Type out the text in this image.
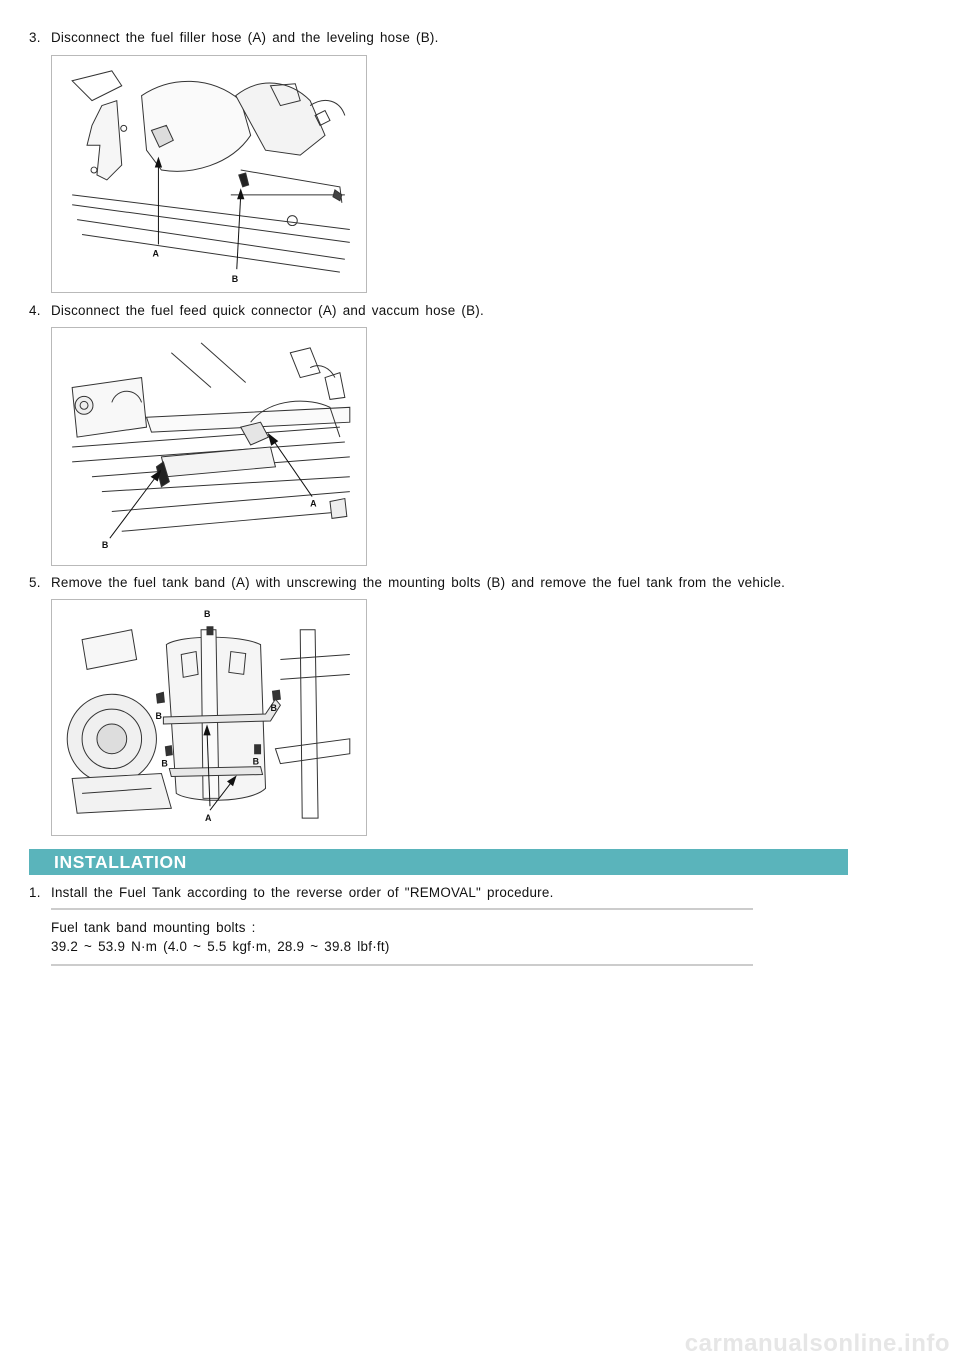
3. Disconnect the fuel filler hose (A) and the leveling hose (B).
A
B
4. Disconnect the fuel feed quick connector (A) and vaccum hose (B).
A
B
5. Remove the fuel tank band (A) with unscrewing the mounting bolts (B) and remove the fuel tank from the vehicle.
B
B
B
B	B
A
INSTALLATION
1. Install the Fuel Tank according to the reverse order of "REMOVAL" procedure.
Fuel tank band mounting bolts :
39.2 ~ 53.9 N·m (4.0 ~ 5.5 kgf·m, 28.9 ~ 39.8 lbf·ft)
carmanualsonline.info
